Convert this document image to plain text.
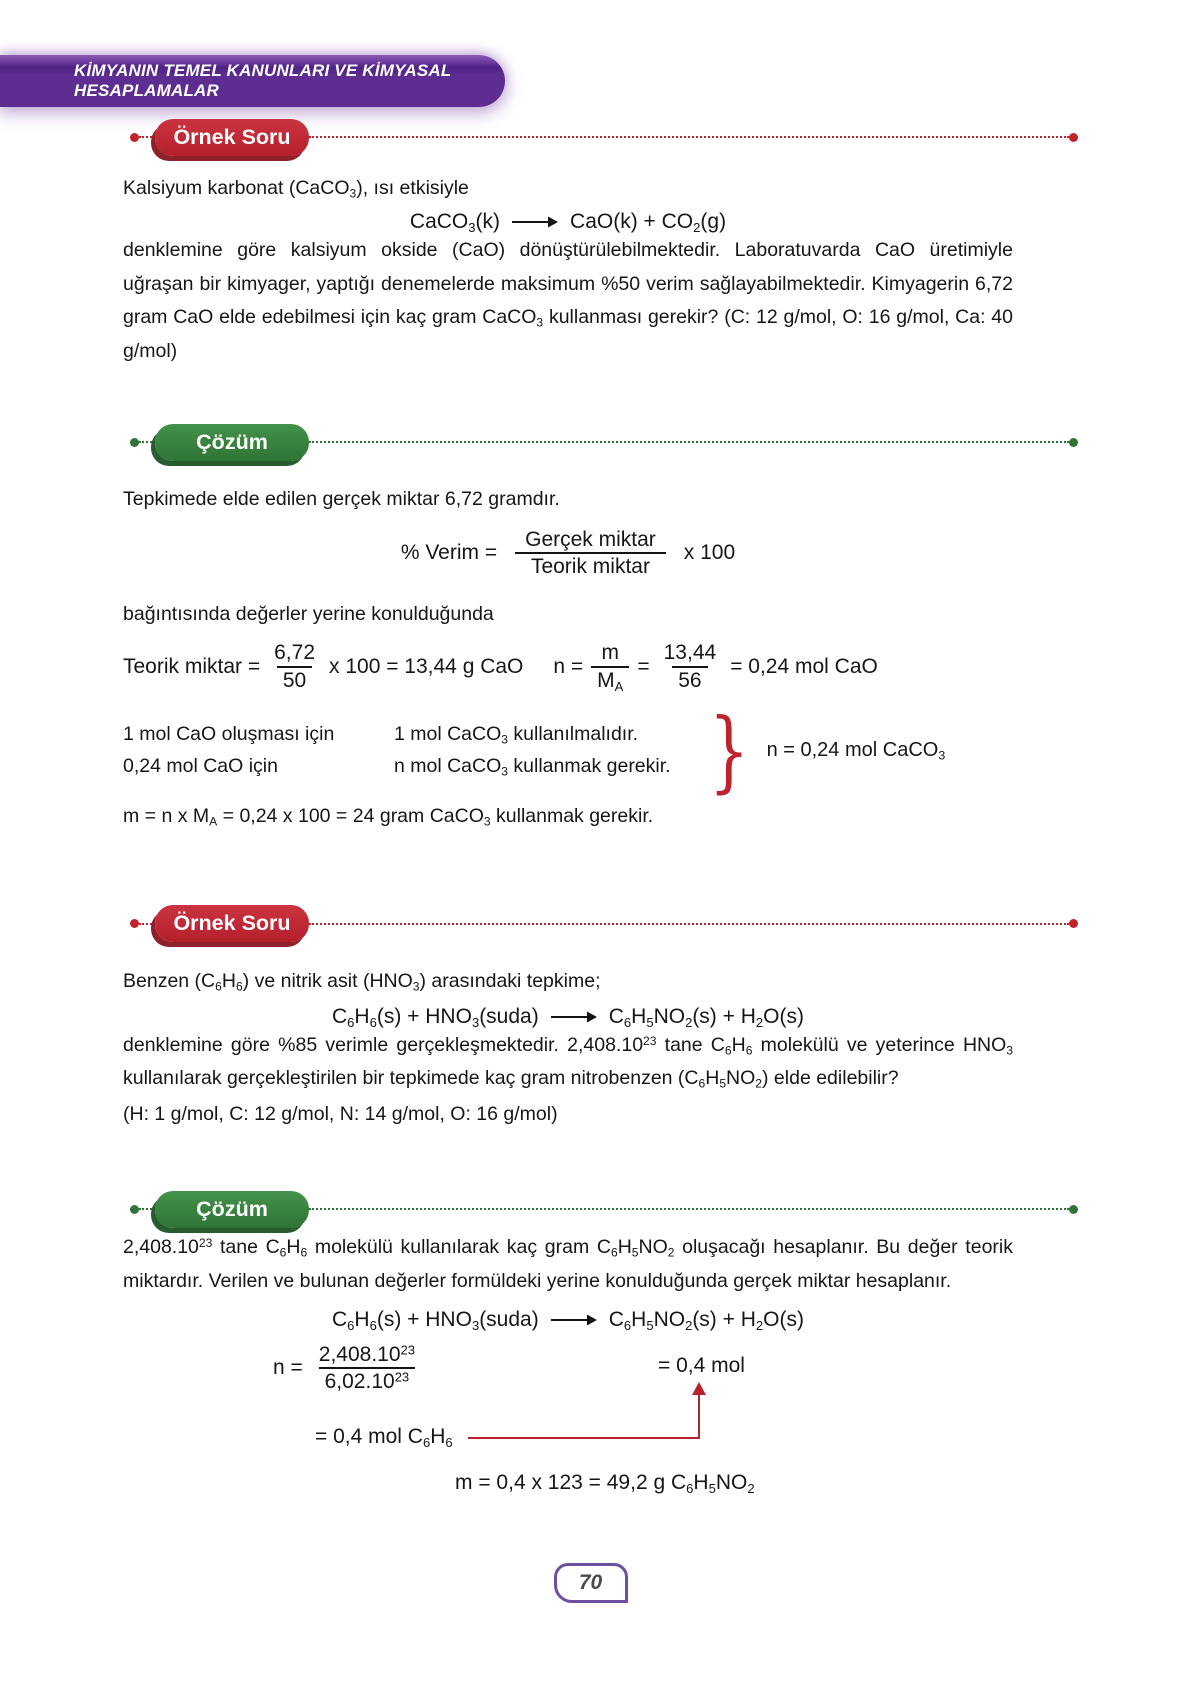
KİMYANIN TEMEL KANUNLARI VE KİMYASAL HESAPLAMALAR
Örnek Soru
Kalsiyum karbonat (CaCO$_3$), ısı etkisiyle
CaCO$_3$(k) → $CaO(k) + CO_2(g)$

denklemine göre kalsiyum okside (CaO) dönüştürülebilmektedir. Laboratuvarda CaO üretimiyle uğraşan bir kimyager, yaptığı denemelerde maksimum %50 verim sağlayabilmektedir. Kimyagerin 6,72 gram CaO elde edebilmesi için kaç gram CaCO$_3$ kullanması gerekir? (C: 12 g/mol, O: 16 g/mol, Ca: 40 g/mol)

Çözüm
Tepkimede elde edilen gerçek miktar 6,72 gramdır.
% Verim = $\frac{\text{Gerçek miktar}}{\text{Teorik miktar}}$ x 100
bağıntısında değerler yerine konulduğunda
Teorik miktar = $\frac{6,72}{50}$ x 100 = 13,44 g CaO $n = \frac{m}{M_A} = \frac{13,44}{56} = 0,24$ mol CaO
1 mol CaO oluşması için	1 mol CaCO$_3$ kullanılmalıdır.
0,24 mol CaO için	n mol CaCO$_3$ kullanmak gerekir. } n = 0,24 mol CaCO$_3$
m = n x $M_A = 0,24$ x 100 = 24 gram CaCO$_3$ kullanmak gerekir.
Örnek Soru
Benzen $(C_6H_6)$ ve nitrik asit $(HNO_3)$ arasındaki tepkime;
$C_6H_6(s)$ + $HNO_3(suda) \to C_6H_5NO_2(s) + H_2O(s)$

denklemine göre %85 verimle gerçekleşmektedir. 2,408.10$^{23}$ tane $C_6H_6$ molekülü ve yeterince $HNO_3$ kullanılarak gerçekleştirilen bir tepkimede kaç gram nitrobenzen $(C_6H_5NO_2)$ elde edilebilir?

(H: 1 g/mol, C: 12 g/mol, N: 14 g/mol, O: 16 g/mol)
Çözüm

2,408.10$^{23}$ tane $C_6H_6$ molekülü kullanılarak kaç gram $C_6H_5NO_2$ oluşacağı hesaplanır. Bu değer teorik miktardır. Verilen ve bulunan değerler formüldeki yerine konulduğunda gerçek miktar hesaplanır.

$C_6H_6(s)$ + $HNO_3(suda) \to C_6H_5NO_2(s) + H_2O(s)$
$n = \frac{2,408.10^{23}}{6,02.10^{23}}$	= 0,4 mol
= 0,4 mol $C_6H_6$
m = 0,4 x 123 = 49,2 g $C_6H_5NO_2$
70
